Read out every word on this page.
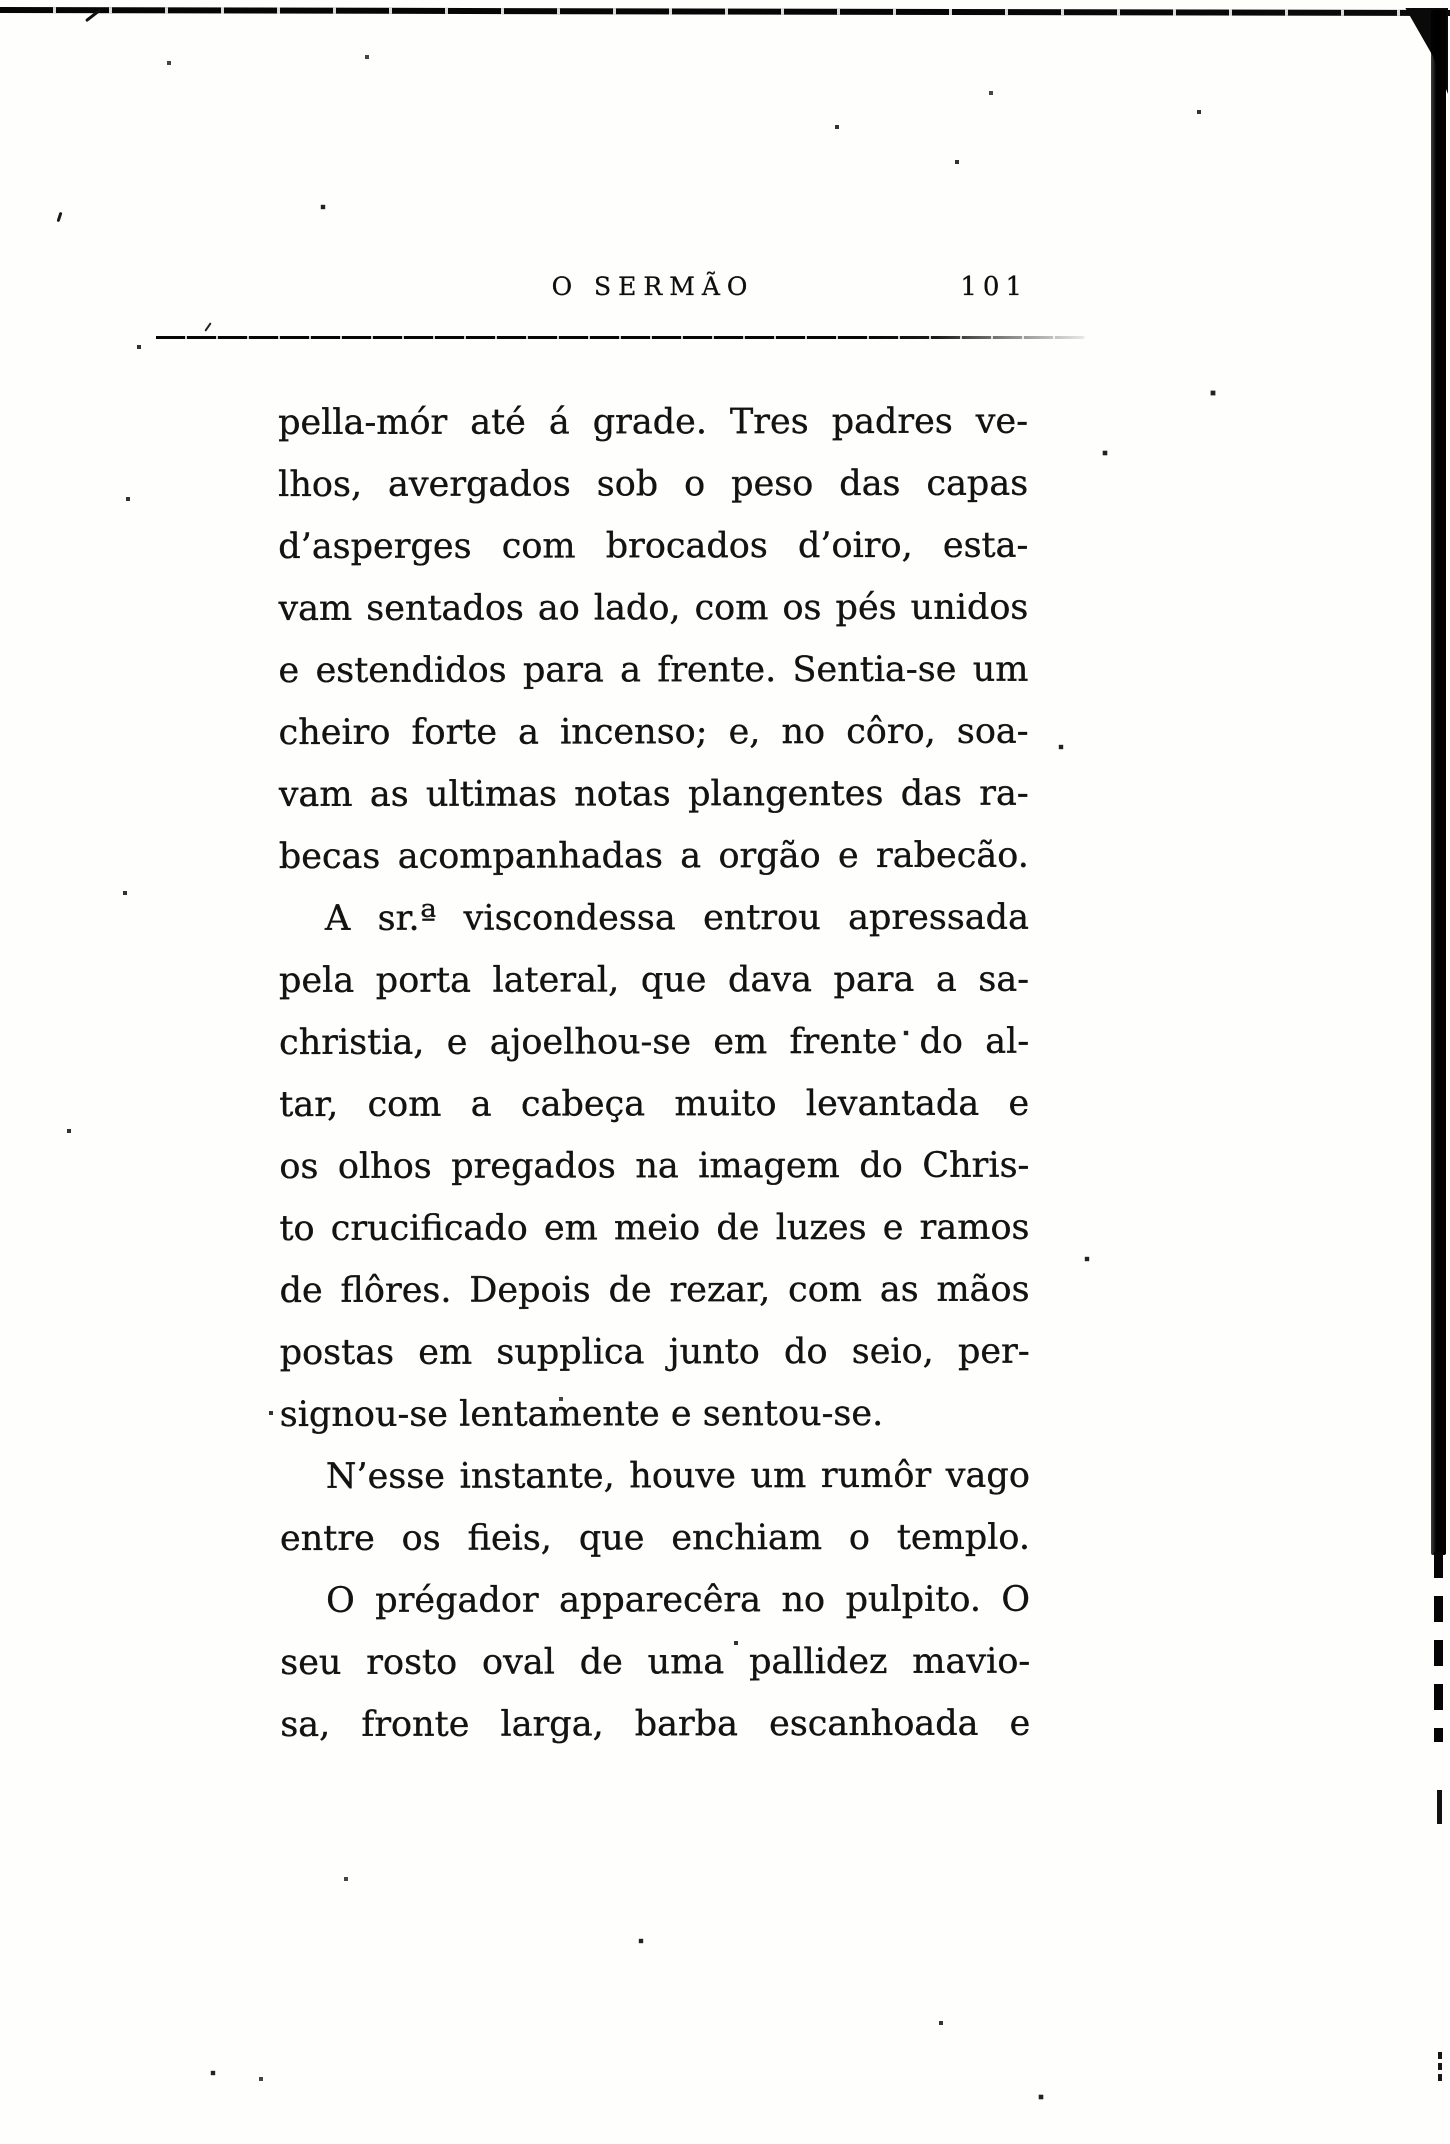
O SERMÃO	101
pella-mór até á grade. Tres padres ve-
lhos, avergados sob o peso das capas
d’asperges com brocados d’oiro, esta-
vam sentados ao lado, com os pés unidos
e estendidos para a frente. Sentia-se um
cheiro forte a incenso; e, no côro, soa-
vam as ultimas notas plangentes das ra-
becas acompanhadas a orgão e rabecão.
A sr.ª viscondessa entrou apressada
pela porta lateral, que dava para a sa-
christia, e ajoelhou-se em frente do al-
tar, com a cabeça muito levantada e
os olhos pregados na imagem do Chris-
to crucificado em meio de luzes e ramos
de flôres. Depois de rezar, com as mãos
postas em supplica junto do seio, per-
signou-se lentamente e sentou-se.
N’esse instante, houve um rumôr vago
entre os fieis, que enchiam o templo.
O prégador apparecêra no pulpito. O
seu rosto oval de uma pallidez mavio-
sa, fronte larga, barba escanhoada e
